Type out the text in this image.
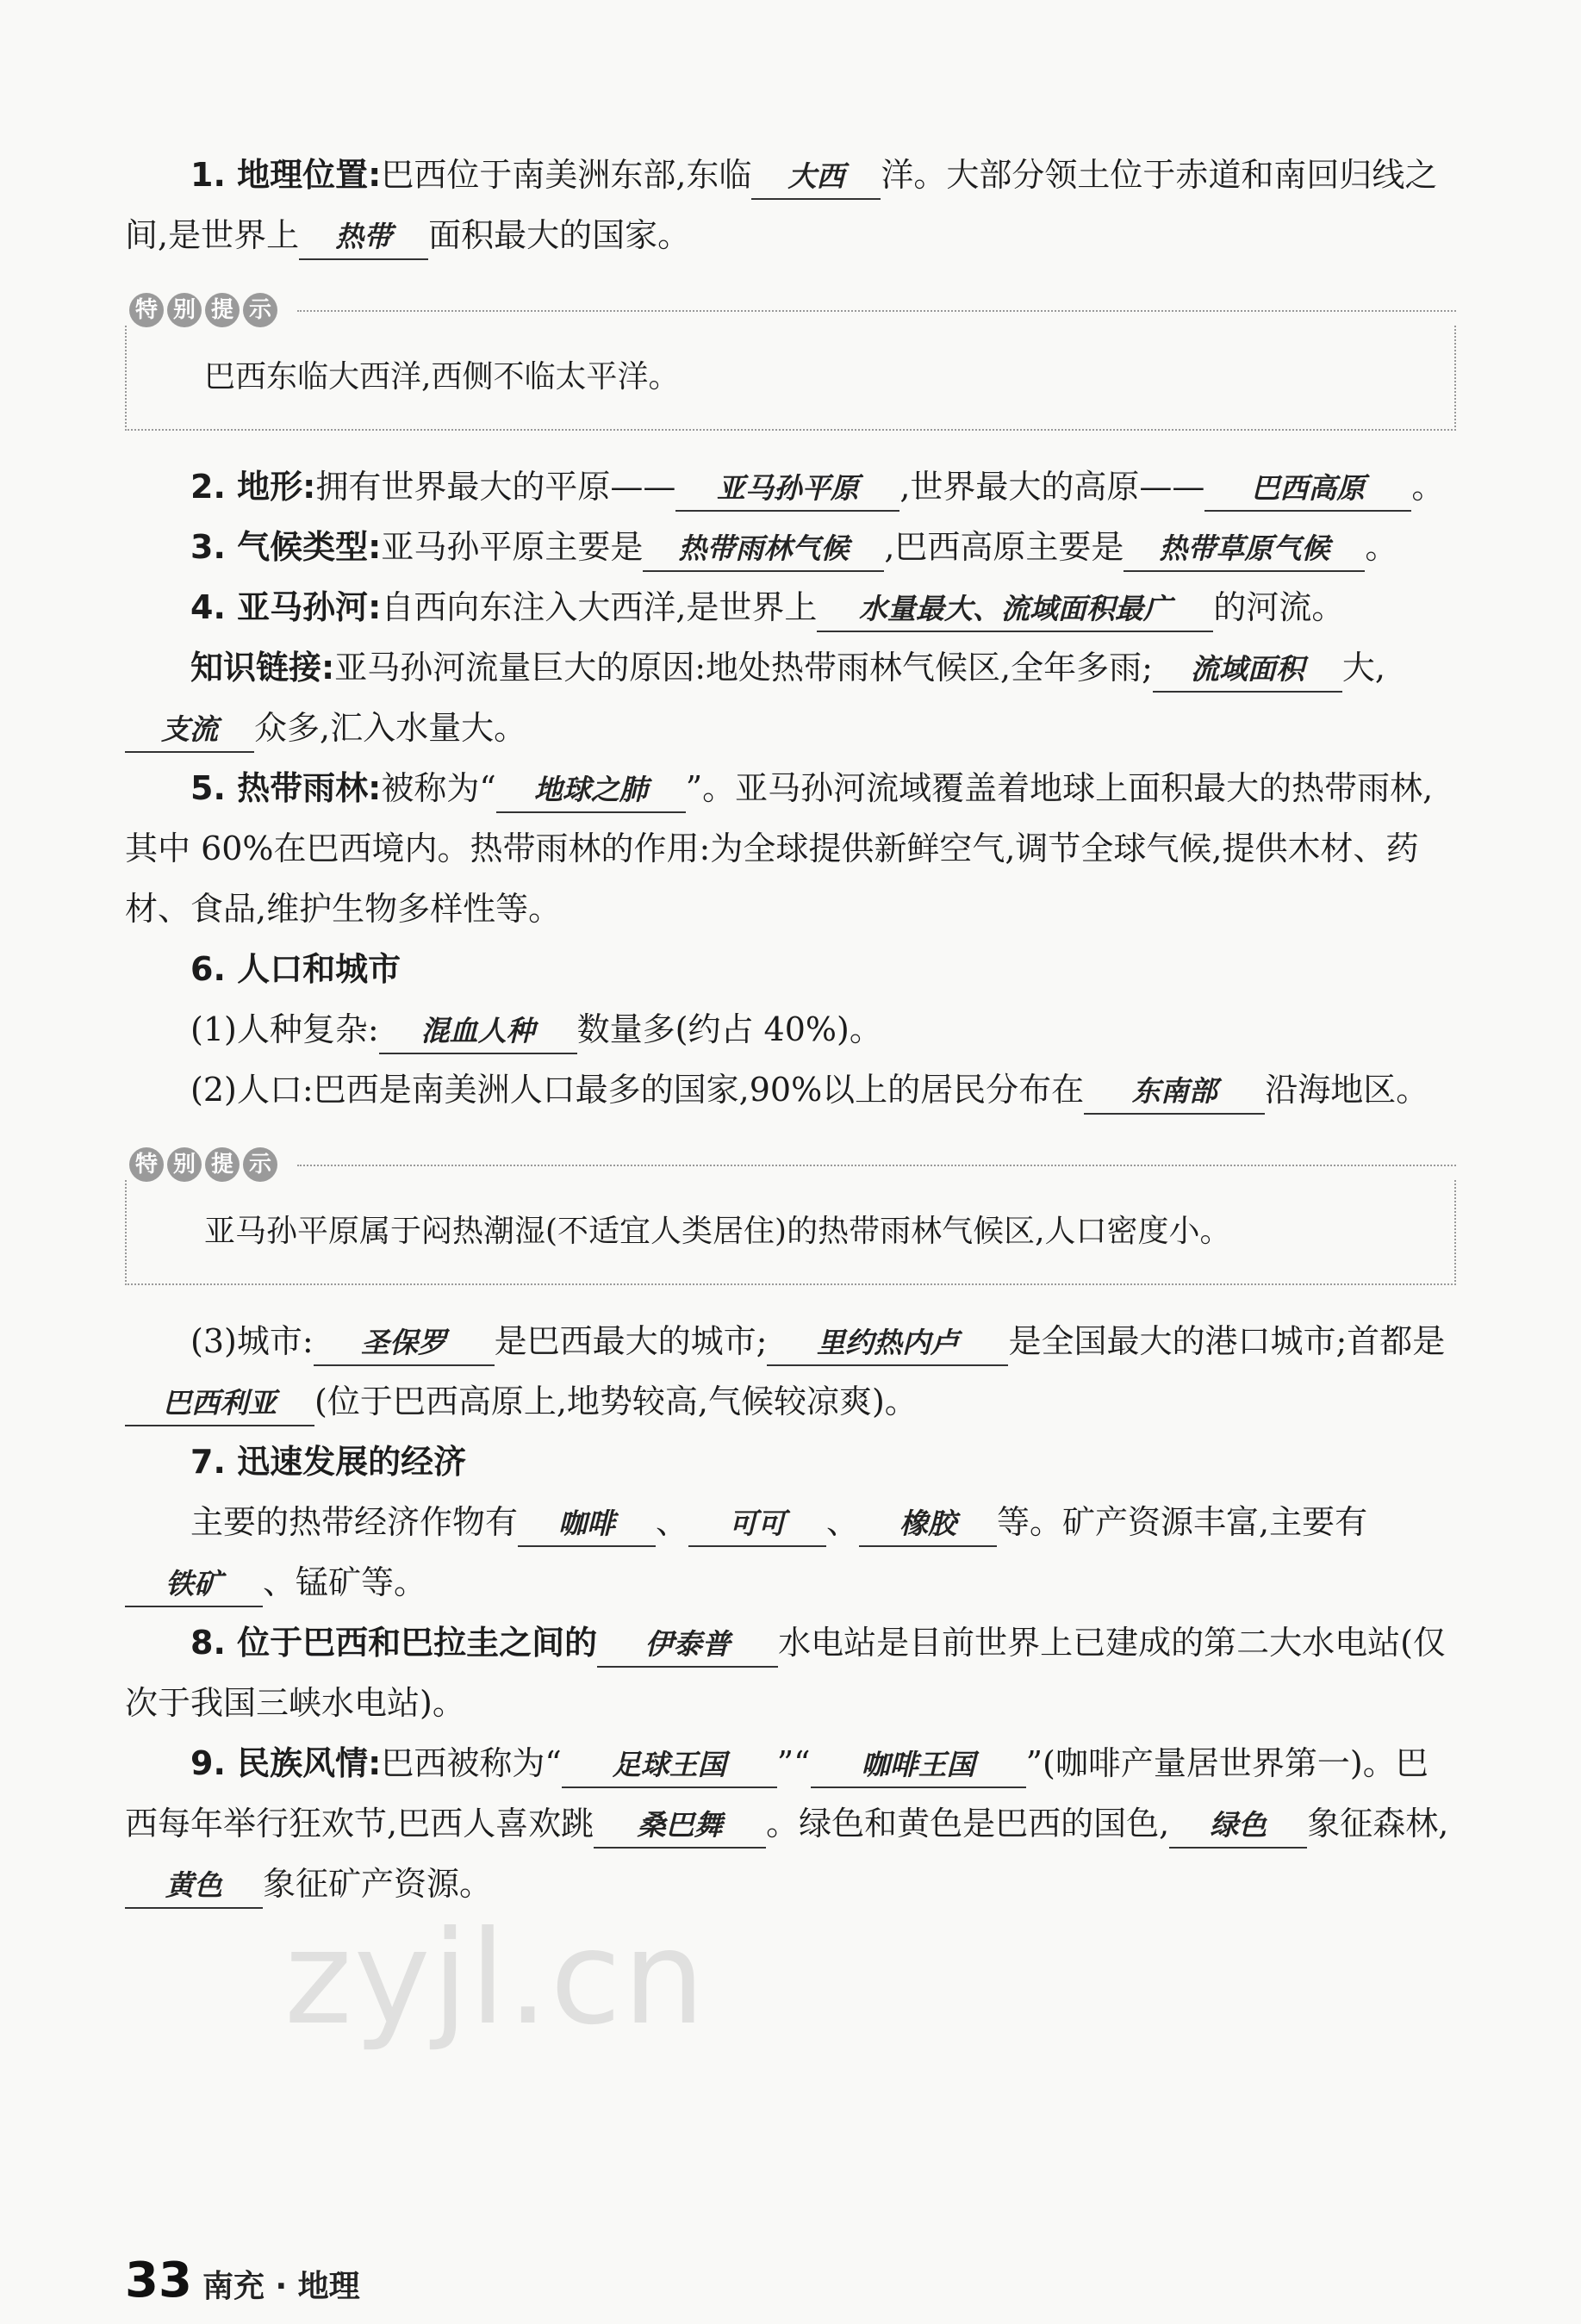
1. 地理位置:巴西位于南美洲东部,东临 大西 洋。大部分领土位于赤道和南回归线之间,是世界上 热带 面积最大的国家。

特 别 提 示
巴西东临大西洋,西侧不临太平洋。

2. 地形:拥有世界最大的平原—— 亚马孙平原 ,世界最大的高原—— 巴西高原 。

3. 气候类型:亚马孙平原主要是 热带雨林气候 ,巴西高原主要是 热带草原气候 。

4. 亚马孙河:自西向东注入大西洋,是世界上 水量最大、流域面积最广 的河流。

知识链接:亚马孙河流量巨大的原因:地处热带雨林气候区,全年多雨; 流域面积 大,支流 众多,汇入水量大。

5. 热带雨林:被称为“ 地球之肺 ”。亚马孙河流域覆盖着地球上面积最大的热带雨林,其中 60%在巴西境内。热带雨林的作用:为全球提供新鲜空气,调节全球气候,提供木材、药材、食品,维护生物多样性等。

6. 人口和城市

(1)人种复杂: 混血人种 数量多(约占 40%)。

(2)人口:巴西是南美洲人口最多的国家,90%以上的居民分布在 东南部 沿海地区。

特 别 提 示
亚马孙平原属于闷热潮湿(不适宜人类居住)的热带雨林气候区,人口密度小。

(3)城市: 圣保罗 是巴西最大的城市; 里约热内卢 是全国最大的港口城市;首都是巴西利亚 (位于巴西高原上,地势较高,气候较凉爽)。

7. 迅速发展的经济

主要的热带经济作物有 咖啡 、 可可 、 橡胶 等。矿产资源丰富,主要有铁矿 、锰矿等。

8. 位于巴西和巴拉圭之间的 伊泰普 水电站是目前世界上已建成的第二大水电站(仅次于我国三峡水电站)。

9. 民族风情:巴西被称为“ 足球王国 ”“ 咖啡王国 ”(咖啡产量居世界第一)。巴西每年举行狂欢节,巴西人喜欢跳 桑巴舞 。绿色和黄色是巴西的国色, 绿色 象征森林,黄色 象征矿产资源。

zyjl.cn
33 南充 · 地理
